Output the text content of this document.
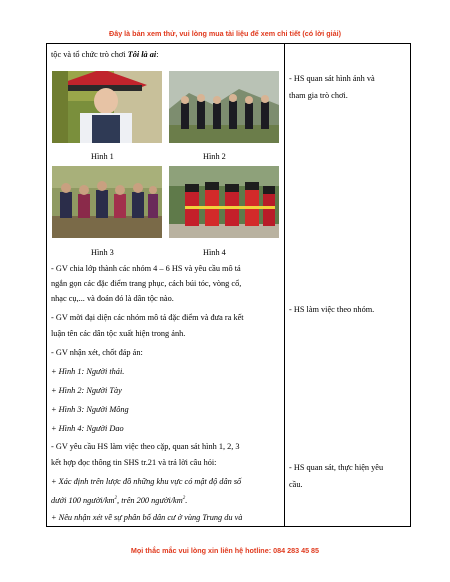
Đây là bản xem thử, vui lòng mua tài liệu để xem chi tiết (có lời giải)
tộc và tổ chức trò chơi Tôi là ai:
Hình 1	Hình 2
Hình 3	Hình 4
- GV chia lớp thành các nhóm 4 – 6 HS và yêu cầu mô tả
ngắn gọn các đặc điểm trang phục, cách búi tóc, vòng cổ,
nhạc cụ,... và đoán đó là dân tộc nào.
- GV mời đại diện các nhóm mô tả đặc điểm và đưa ra kết
luận tên các dân tộc xuất hiện trong ảnh.
- GV nhận xét, chốt đáp án:
+ Hình 1: Người thái.
+ Hình 2: Người Tày
+ Hình 3: Người Mông
+ Hình 4: Người Dao
- GV yêu cầu HS làm việc theo cặp, quan sát hình 1, 2, 3
kết hợp đọc thông tin SHS tr.21 và trả lời câu hỏi:
+ Xác định trên lược đồ những khu vực có mật độ dân số
dưới 100 người/$km^2$, trên 200 người/$km^2$.
+ Nêu nhận xét về sự phân bố dân cư ở vùng Trung du và
- HS quan sát hình ảnh và
tham gia trò chơi.
- HS làm việc theo nhóm.
- HS quan sát, thực hiện yêu
cầu.
Mọi thắc mắc vui lòng xin liên hệ hotline: 084 283 45 85
